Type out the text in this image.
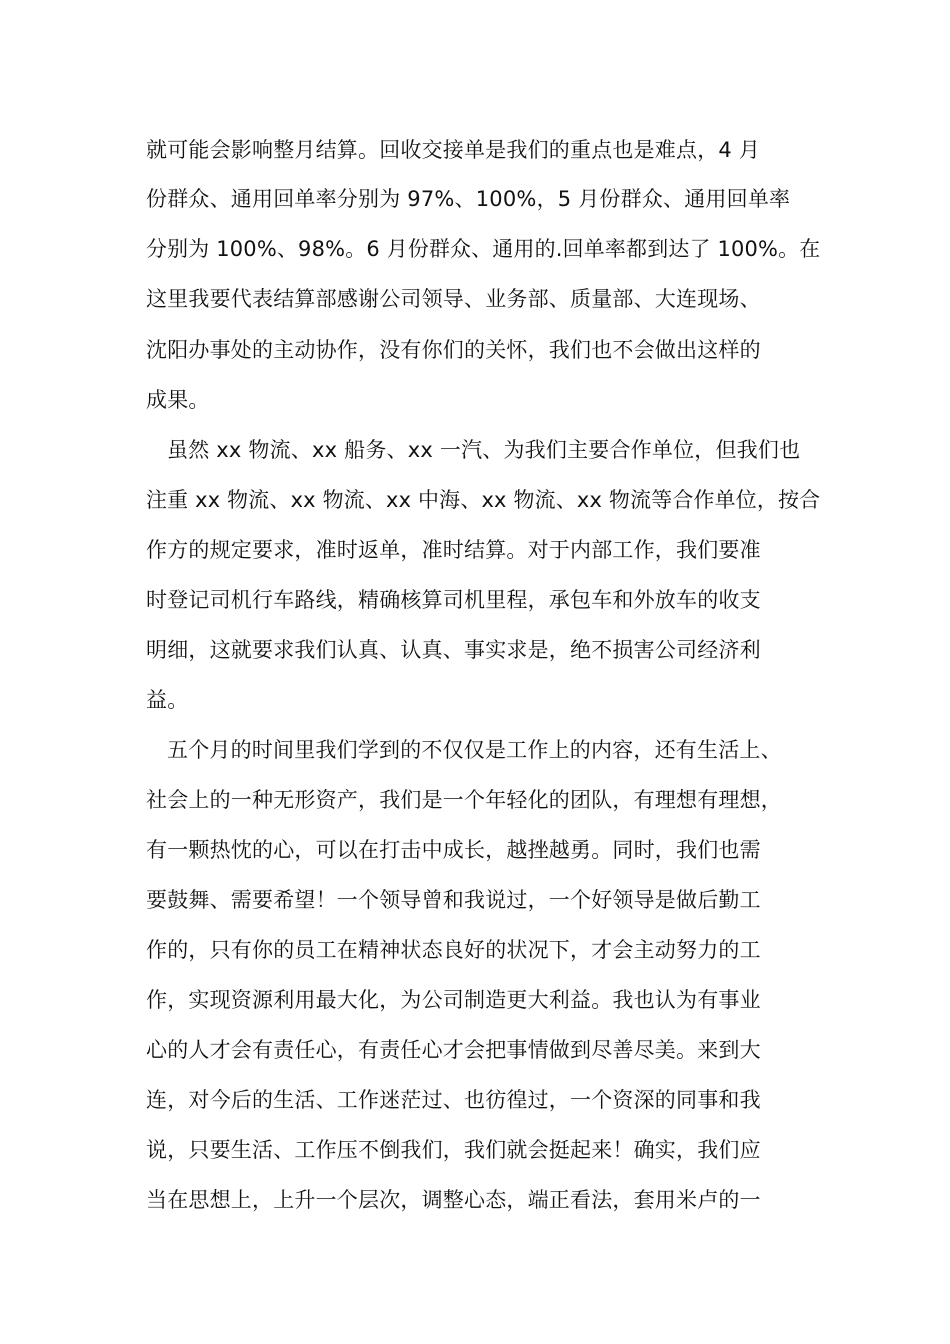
就可能会影响整月结算。回收交接单是我们的重点也是难点，4 月
份群众、通用回单率分别为 97%、100%，5 月份群众、通用回单率
分别为 100%、98%。6 月份群众、通用的.回单率都到达了 100%。在
这里我要代表结算部感谢公司领导、业务部、质量部、大连现场、
沈阳办事处的主动协作，没有你们的关怀，我们也不会做出这样的
成果。
虽然 xx 物流、xx 船务、xx 一汽、为我们主要合作单位，但我们也
注重 xx 物流、xx 物流、xx 中海、xx 物流、xx 物流等合作单位，按合
作方的规定要求，准时返单，准时结算。对于内部工作，我们要准
时登记司机行车路线，精确核算司机里程，承包车和外放车的收支
明细，这就要求我们认真、认真、事实求是，绝不损害公司经济利
益。
五个月的时间里我们学到的不仅仅是工作上的内容，还有生活上、
社会上的一种无形资产，我们是一个年轻化的团队，有理想有理想，
有一颗热忱的心，可以在打击中成长，越挫越勇。同时，我们也需
要鼓舞、需要希望！一个领导曾和我说过，一个好领导是做后勤工
作的，只有你的员工在精神状态良好的状况下，才会主动努力的工
作，实现资源利用最大化，为公司制造更大利益。我也认为有事业
心的人才会有责任心，有责任心才会把事情做到尽善尽美。来到大
连，对今后的生活、工作迷茫过、也彷徨过，一个资深的同事和我
说，只要生活、工作压不倒我们，我们就会挺起来！确实，我们应
当在思想上，上升一个层次，调整心态，端正看法，套用米卢的一
